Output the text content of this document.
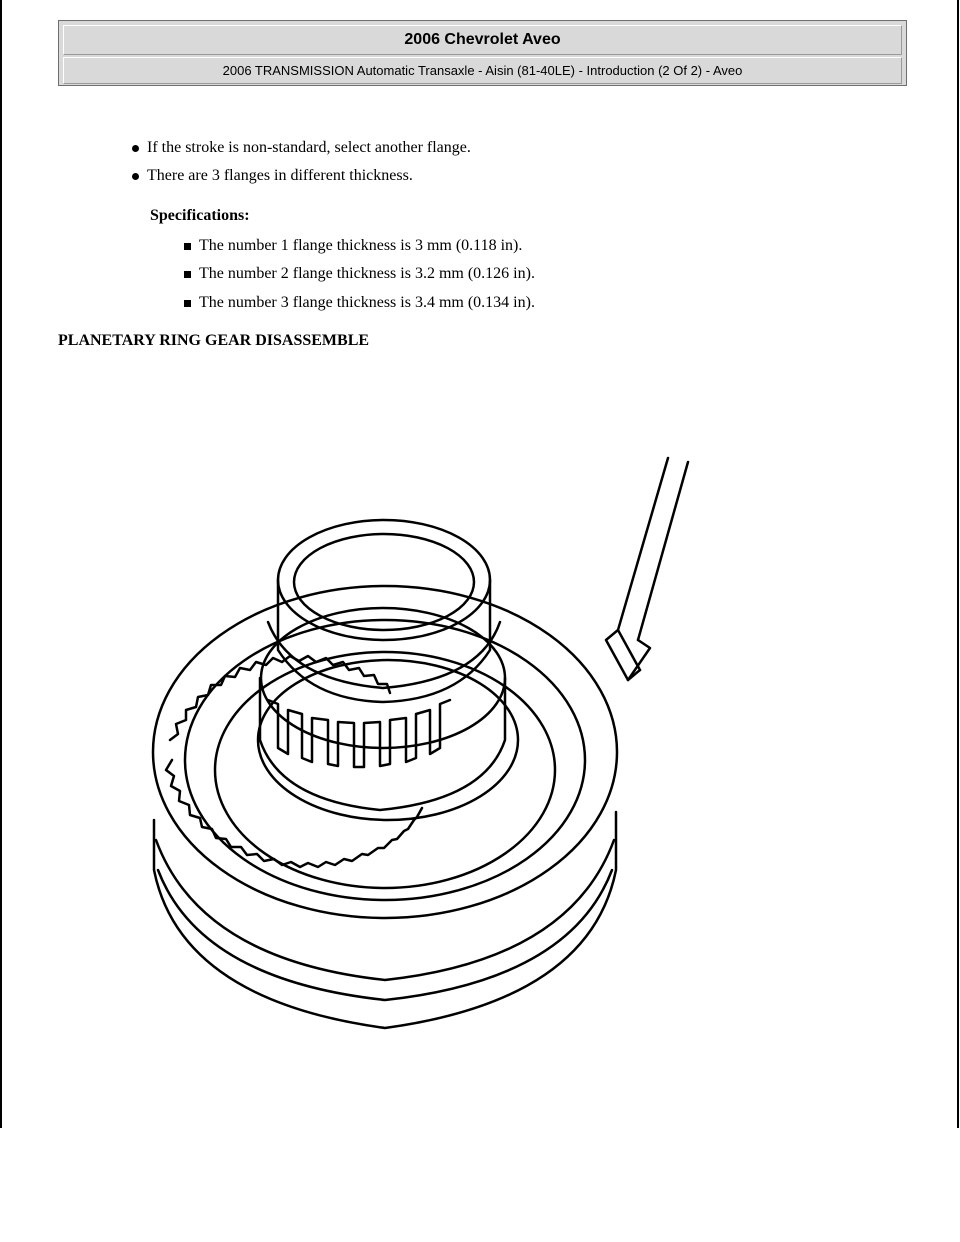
2006 Chevrolet Aveo
2006 TRANSMISSION Automatic Transaxle - Aisin (81-40LE) - Introduction (2 Of 2) - Aveo
If the stroke is non-standard, select another flange.
There are 3 flanges in different thickness.
Specifications:
The number 1 flange thickness is 3 mm (0.118 in).
The number 2 flange thickness is 3.2 mm (0.126 in).
The number 3 flange thickness is 3.4 mm (0.134 in).
PLANETARY RING GEAR DISASSEMBLE
